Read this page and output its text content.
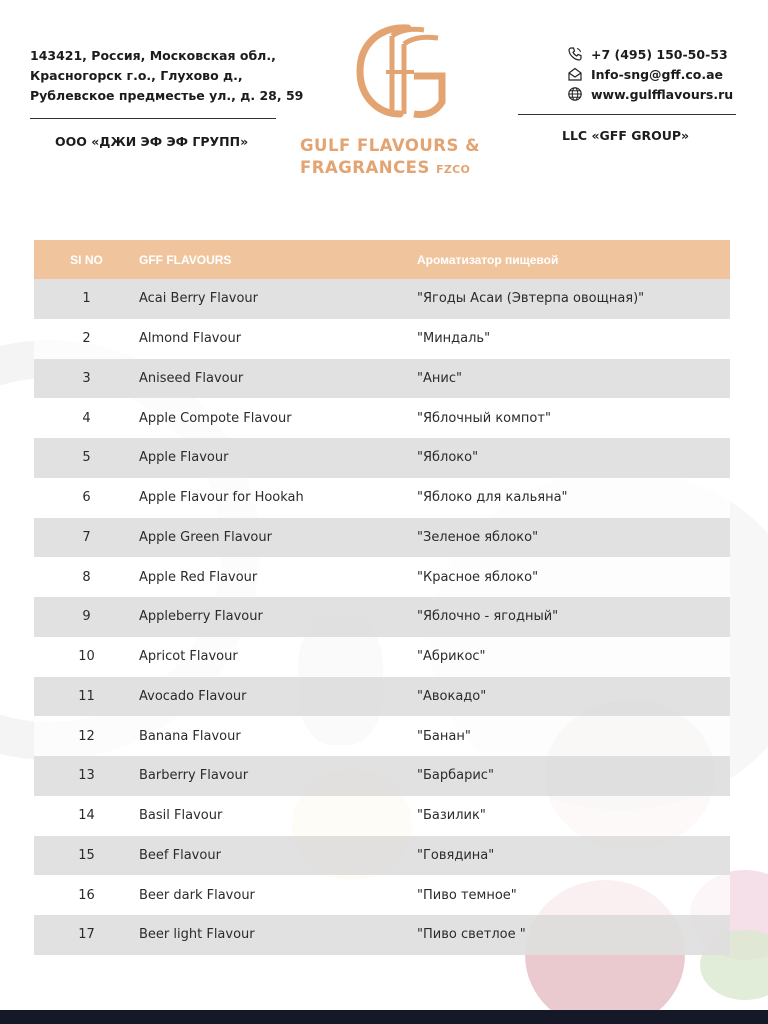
143421, Россия, Московская обл.,
Красногорск г.о., Глухово д.,
Рублевское предместье ул., д. 28, 59
ООО «ДЖИ ЭФ ЭФ ГРУПП»	GULF FLAVOURS &
FRAGRANCES FZCO
+7 (495) 150-50-53
Info-sng@gff.co.ae
www.gulfflavours.ru
LLC «GFF GROUP»
SI NO	GFF FLAVOURS	Ароматизатор пищевой
1	Acai Berry Flavour	"Ягоды Асаи (Эвтерпа овощная)"
2	Almond Flavour	"Миндаль"
3	Aniseed Flavour	"Анис"
4	Apple Compote Flavour	"Яблочный компот"
5	Apple Flavour	"Яблоко"
6	Apple Flavour for Hookah	"Яблоко для кальяна"
7	Apple Green Flavour	"Зеленое яблоко"
8	Apple Red Flavour	"Красное яблоко"
9	Appleberry Flavour	"Яблочно - ягодный"
10	Apricot Flavour	"Абрикос"
11	Avocado Flavour	"Авокадо"
12	Banana Flavour	"Банан"
13	Barberry Flavour	"Барбарис"
14	Basil Flavour	"Базилик"
15	Beef Flavour	"Говядина"
16	Beer dark Flavour	"Пиво темное"
17	Beer light Flavour	"Пиво светлое "
